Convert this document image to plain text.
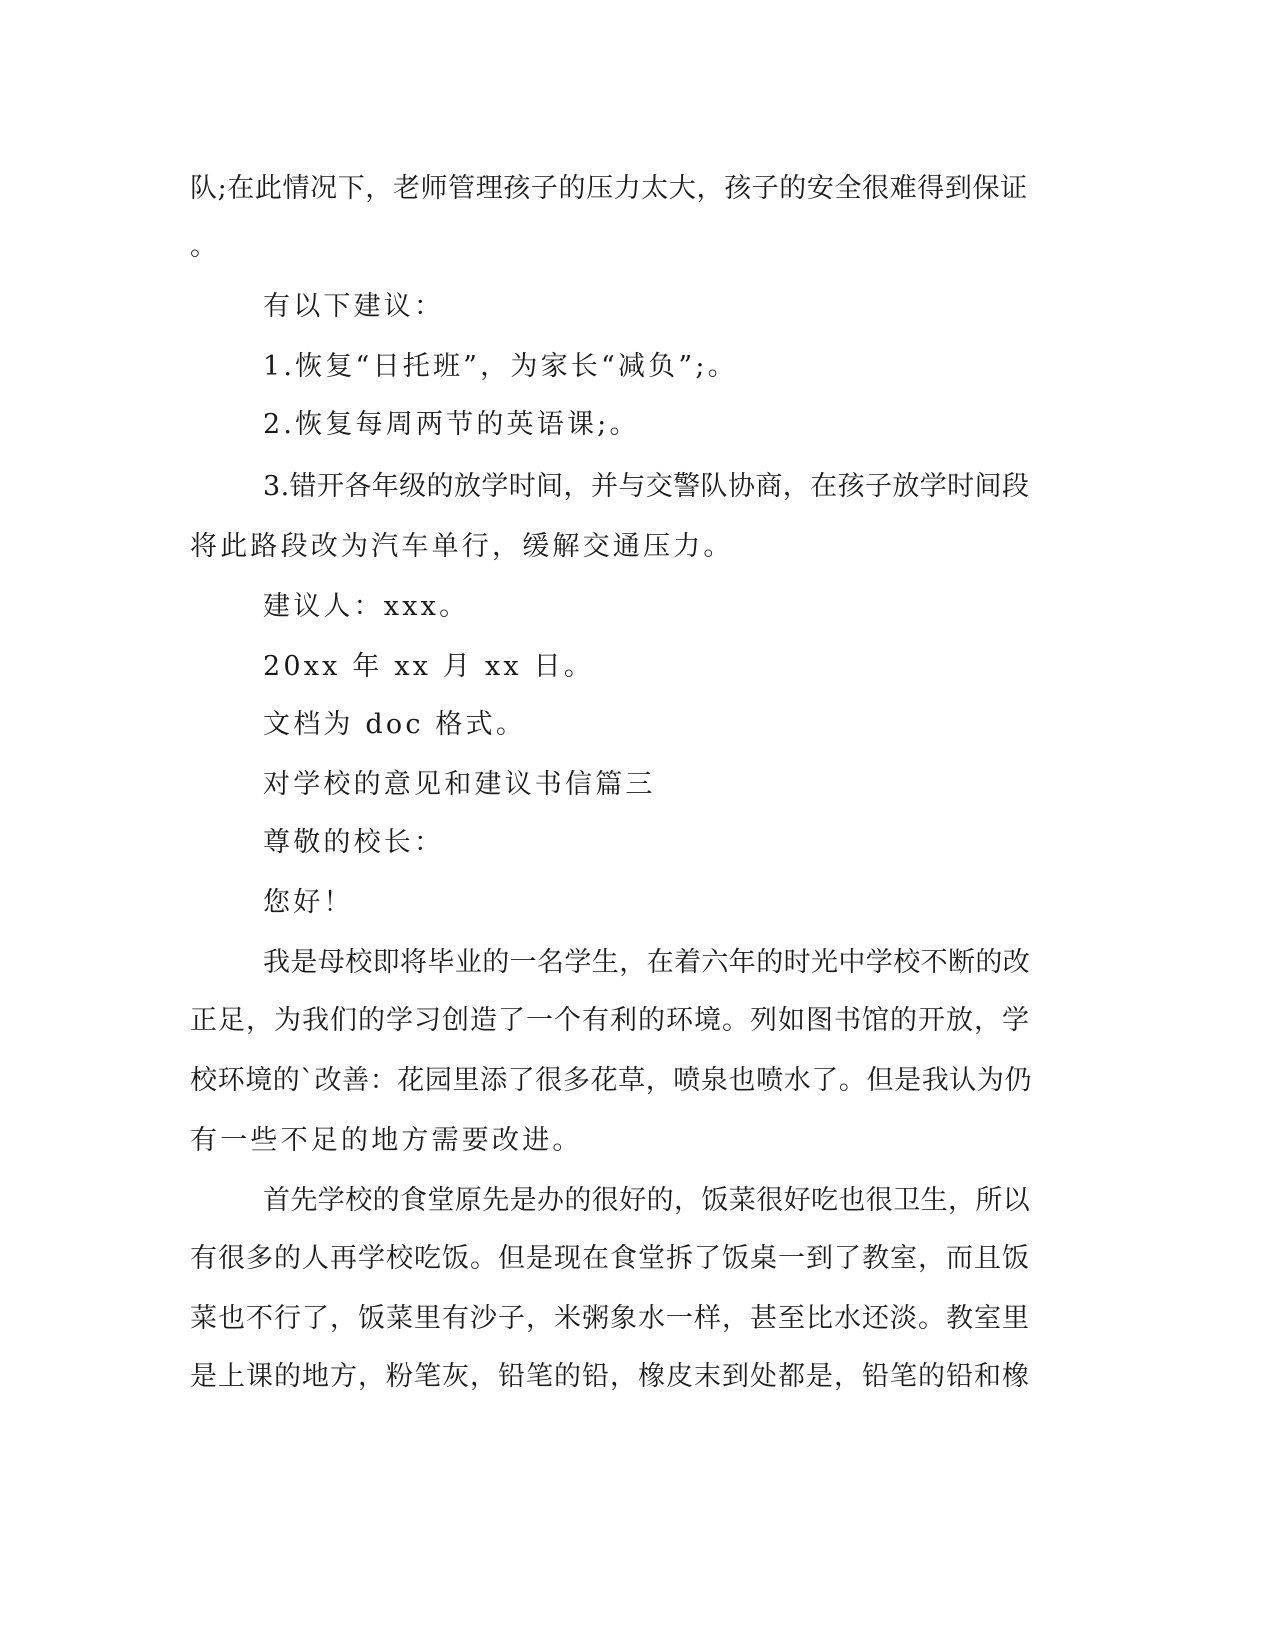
队;在此情况下，老师管理孩子的压力太大，孩子的安全很难得到保证
。
有以下建议：
1.恢复“日托班”，为家长“减负”;。
2.恢复每周两节的英语课;。
3.错开各年级的放学时间，并与交警队协商，在孩子放学时间段
将此路段改为汽车单行，缓解交通压力。
建议人：xxx。
20xx 年 xx 月 xx 日。
文档为 doc 格式。
对学校的意见和建议书信篇三
尊敬的校长：
您好！
我是母校即将毕业的一名学生，在着六年的时光中学校不断的改
正足，为我们的学习创造了一个有利的环境。列如图书馆的开放，学
校环境的`改善：花园里添了很多花草，喷泉也喷水了。但是我认为仍
有一些不足的地方需要改进。
首先学校的食堂原先是办的很好的，饭菜很好吃也很卫生，所以
有很多的人再学校吃饭。但是现在食堂拆了饭桌一到了教室，而且饭
菜也不行了，饭菜里有沙子，米粥象水一样，甚至比水还淡。教室里
是上课的地方，粉笔灰，铅笔的铅，橡皮末到处都是，铅笔的铅和橡
